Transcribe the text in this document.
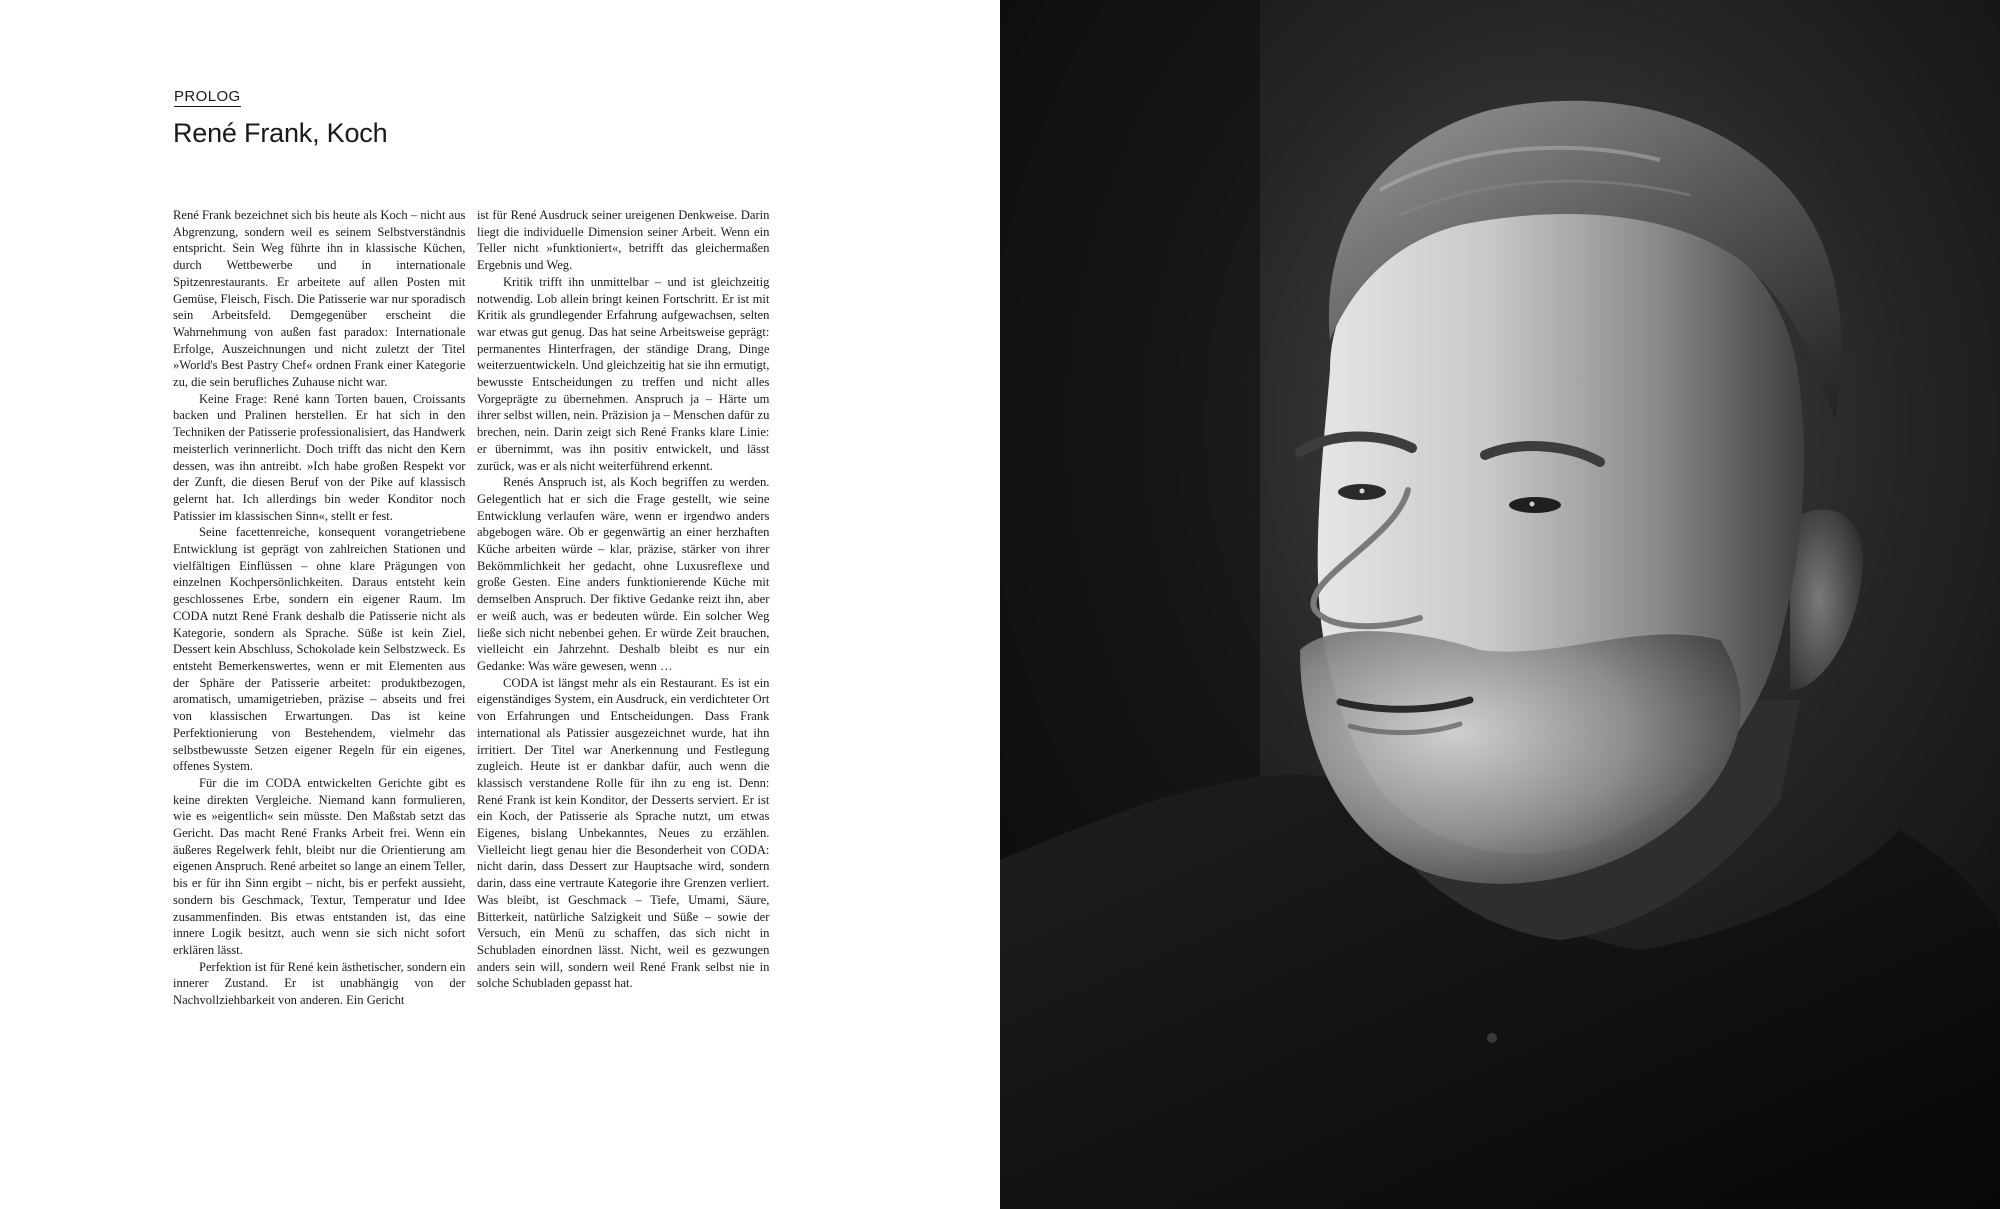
PROLOG
René Frank, Koch

René Frank bezeichnet sich bis heute als Koch – nicht aus Abgrenzung, sondern weil es seinem Selbstverständnis entspricht. Sein Weg führte ihn in klassische Küchen, durch Wettbewerbe und in internationale Spitzenrestaurants. Er arbeitete auf allen Posten mit Gemüse, Fleisch, Fisch. Die Patisserie war nur sporadisch sein Arbeitsfeld. Demgegenüber erscheint die Wahrnehmung von außen fast paradox: Internationale Erfolge, Auszeichnungen und nicht zuletzt der Titel »World's Best Pastry Chef« ordnen Frank einer Kategorie zu, die sein berufliches Zuhause nicht war.

Keine Frage: René kann Torten bauen, Croissants backen und Pralinen herstellen. Er hat sich in den Techniken der Patisserie professionalisiert, das Handwerk meisterlich verinnerlicht. Doch trifft das nicht den Kern dessen, was ihn antreibt. »Ich habe großen Respekt vor der Zunft, die diesen Beruf von der Pike auf klassisch gelernt hat. Ich allerdings bin weder Konditor noch Patissier im klassischen Sinn«, stellt er fest.

Seine facettenreiche, konsequent vorangetriebene Entwicklung ist geprägt von zahlreichen Stationen und vielfältigen Einflüssen – ohne klare Prägungen von einzelnen Kochpersönlichkeiten. Daraus entsteht kein geschlossenes Erbe, sondern ein eigener Raum. Im CODA nutzt René Frank deshalb die Patisserie nicht als Kategorie, sondern als Sprache. Süße ist kein Ziel, Dessert kein Abschluss, Schokolade kein Selbstzweck. Es entsteht Bemerkenswertes, wenn er mit Elementen aus der Sphäre der Patisserie arbeitet: produktbezogen, aromatisch, umamigetrieben, präzise – abseits und frei von klassischen Erwartungen. Das ist keine Perfektionierung von Bestehendem, vielmehr das selbstbewusste Setzen eigener Regeln für ein eigenes, offenes System.

Für die im CODA entwickelten Gerichte gibt es keine direkten Vergleiche. Niemand kann formulieren, wie es »eigentlich« sein müsste. Den Maßstab setzt das Gericht. Das macht René Franks Arbeit frei. Wenn ein äußeres Regelwerk fehlt, bleibt nur die Orientierung am eigenen Anspruch. René arbeitet so lange an einem Teller, bis er für ihn Sinn ergibt – nicht, bis er perfekt aussieht, sondern bis Geschmack, Textur, Temperatur und Idee zusammenfinden. Bis etwas entstanden ist, das eine innere Logik besitzt, auch wenn sie sich nicht sofort erklären lässt.

Perfektion ist für René kein ästhetischer, sondern ein innerer Zustand. Er ist unabhängig von der Nachvollziehbarkeit von anderen. Ein Gericht

ist für René Ausdruck seiner ureigenen Denkweise. Darin liegt die individuelle Dimension seiner Arbeit. Wenn ein Teller nicht »funktioniert«, betrifft das gleichermaßen Ergebnis und Weg.

Kritik trifft ihn unmittelbar – und ist gleichzeitig notwendig. Lob allein bringt keinen Fortschritt. Er ist mit Kritik als grundlegender Erfahrung aufgewachsen, selten war etwas gut genug. Das hat seine Arbeitsweise geprägt: permanentes Hinterfragen, der ständige Drang, Dinge weiterzuentwickeln. Und gleichzeitig hat sie ihn ermutigt, bewusste Entscheidungen zu treffen und nicht alles Vorgeprägte zu übernehmen. Anspruch ja – Härte um ihrer selbst willen, nein. Präzision ja – Menschen dafür zu brechen, nein. Darin zeigt sich René Franks klare Linie: er übernimmt, was ihn positiv entwickelt, und lässt zurück, was er als nicht weiterführend erkennt.

Renés Anspruch ist, als Koch begriffen zu werden. Gelegentlich hat er sich die Frage gestellt, wie seine Entwicklung verlaufen wäre, wenn er irgendwo anders abgebogen wäre. Ob er gegenwärtig an einer herzhaften Küche arbeiten würde – klar, präzise, stärker von ihrer Bekömmlichkeit her gedacht, ohne Luxusreflexe und große Gesten. Eine anders funktionierende Küche mit demselben Anspruch. Der fiktive Gedanke reizt ihn, aber er weiß auch, was er bedeuten würde. Ein solcher Weg ließe sich nicht nebenbei gehen. Er würde Zeit brauchen, vielleicht ein Jahrzehnt. Deshalb bleibt es nur ein Gedanke: Was wäre gewesen, wenn …

CODA ist längst mehr als ein Restaurant. Es ist ein eigenständiges System, ein Ausdruck, ein verdichteter Ort von Erfahrungen und Entscheidungen. Dass Frank international als Patissier ausgezeichnet wurde, hat ihn irritiert. Der Titel war Anerkennung und Festlegung zugleich. Heute ist er dankbar dafür, auch wenn die klassisch verstandene Rolle für ihn zu eng ist. Denn: René Frank ist kein Konditor, der Desserts serviert. Er ist ein Koch, der Patisserie als Sprache nutzt, um etwas Eigenes, bislang Unbekanntes, Neues zu erzählen. Vielleicht liegt genau hier die Besonderheit von CODA: nicht darin, dass Dessert zur Hauptsache wird, sondern darin, dass eine vertraute Kategorie ihre Grenzen verliert. Was bleibt, ist Geschmack – Tiefe, Umami, Säure, Bitterkeit, natürliche Salzigkeit und Süße – sowie der Versuch, ein Menü zu schaffen, das sich nicht in Schubladen einordnen lässt. Nicht, weil es gezwungen anders sein will, sondern weil René Frank selbst nie in solche Schubladen gepasst hat.
